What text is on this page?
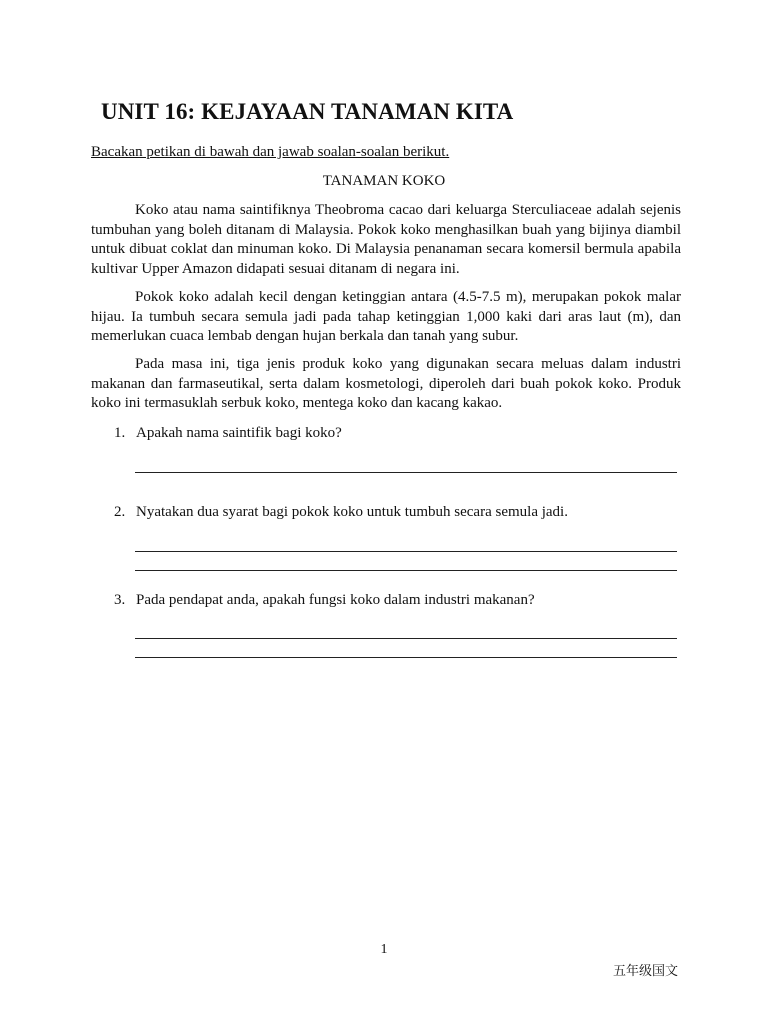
UNIT 16: KEJAYAAN TANAMAN KITA
Bacakan petikan di bawah dan jawab soalan-soalan berikut.
TANAMAN KOKO

Koko atau nama saintifiknya Theobroma cacao dari keluarga Sterculiaceae adalah sejenis tumbuhan yang boleh ditanam di Malaysia. Pokok koko menghasilkan buah yang bijinya diambil untuk dibuat coklat dan minuman koko. Di Malaysia penanaman secara komersil bermula apabila kultivar Upper Amazon didapati sesuai ditanam di negara ini.

Pokok koko adalah kecil dengan ketinggian antara (4.5-7.5 m), merupakan pokok malar hijau. Ia tumbuh secara semula jadi pada tahap ketinggian 1,000 kaki dari aras laut (m), dan memerlukan cuaca lembab dengan hujan berkala dan tanah yang subur.

Pada masa ini, tiga jenis produk koko yang digunakan secara meluas dalam industri makanan dan farmaseutikal, serta dalam kosmetologi, diperoleh dari buah pokok koko. Produk koko ini termasuklah serbuk koko, mentega koko dan kacang kakao.

1. Apakah nama saintifik bagi koko?
2. Nyatakan dua syarat bagi pokok koko untuk tumbuh secara semula jadi.
3. Pada pendapat anda, apakah fungsi koko dalam industri makanan?
1
五年级国文
